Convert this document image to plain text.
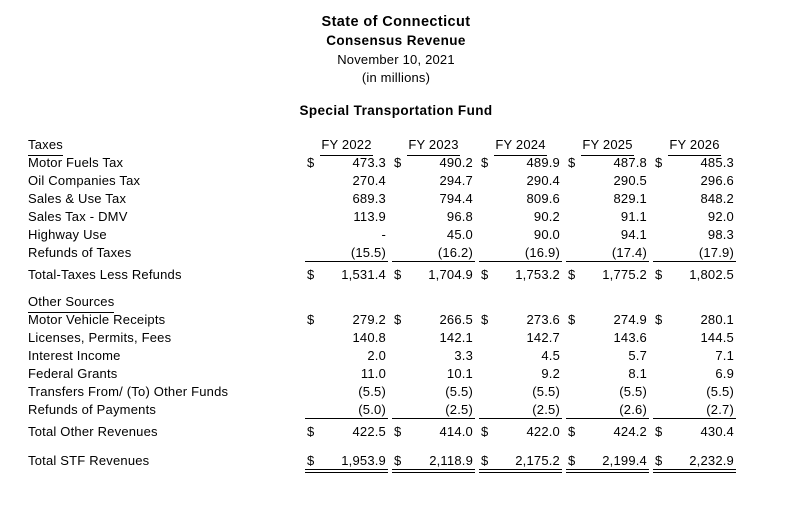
State of Connecticut
Consensus Revenue
November 10, 2021
(in millions)
Special Transportation Fund
Taxes	FY 2022	FY 2023	FY 2024	FY 2025	FY 2026
Motor Fuels Tax	$	473.3 $	490.2 $	489.9 $	487.8 $	485.3
Oil Companies Tax	270.4	294.7	290.4	290.5	296.6
Sales & Use Tax	689.3	794.4	809.6	829.1	848.2
Sales Tax - DMV	113.9	96.8	90.2	91.1	92.0
Highway Use	-	45.0	90.0	94.1	98.3
Refunds of Taxes	(15.5)	(16.2)	(16.9)	(17.4)	(17.9)
Total-Taxes Less Refunds	$ 1,531.4 $ 1,704.9 $ 1,753.2 $ 1,775.2 $ 1,802.5
Other Sources
Motor Vehicle Receipts	$	279.2 $	266.5 $	273.6 $	274.9 $	280.1
Licenses, Permits, Fees	140.8	142.1	142.7	143.6	144.5
Interest Income	2.0	3.3	4.5	5.7	7.1
Federal Grants	11.0	10.1	9.2	8.1	6.9
Transfers From/ (To) Other Funds	(5.5)	(5.5)	(5.5)	(5.5)	(5.5)
Refunds of Payments	(5.0)	(2.5)	(2.5)	(2.6)	(2.7)
Total Other Revenues	$	422.5 $	414.0 $	422.0 $	424.2 $	430.4
Total STF Revenues	$ 1,953.9 $ 2,118.9 $ 2,175.2 $ 2,199.4 $ 2,232.9
